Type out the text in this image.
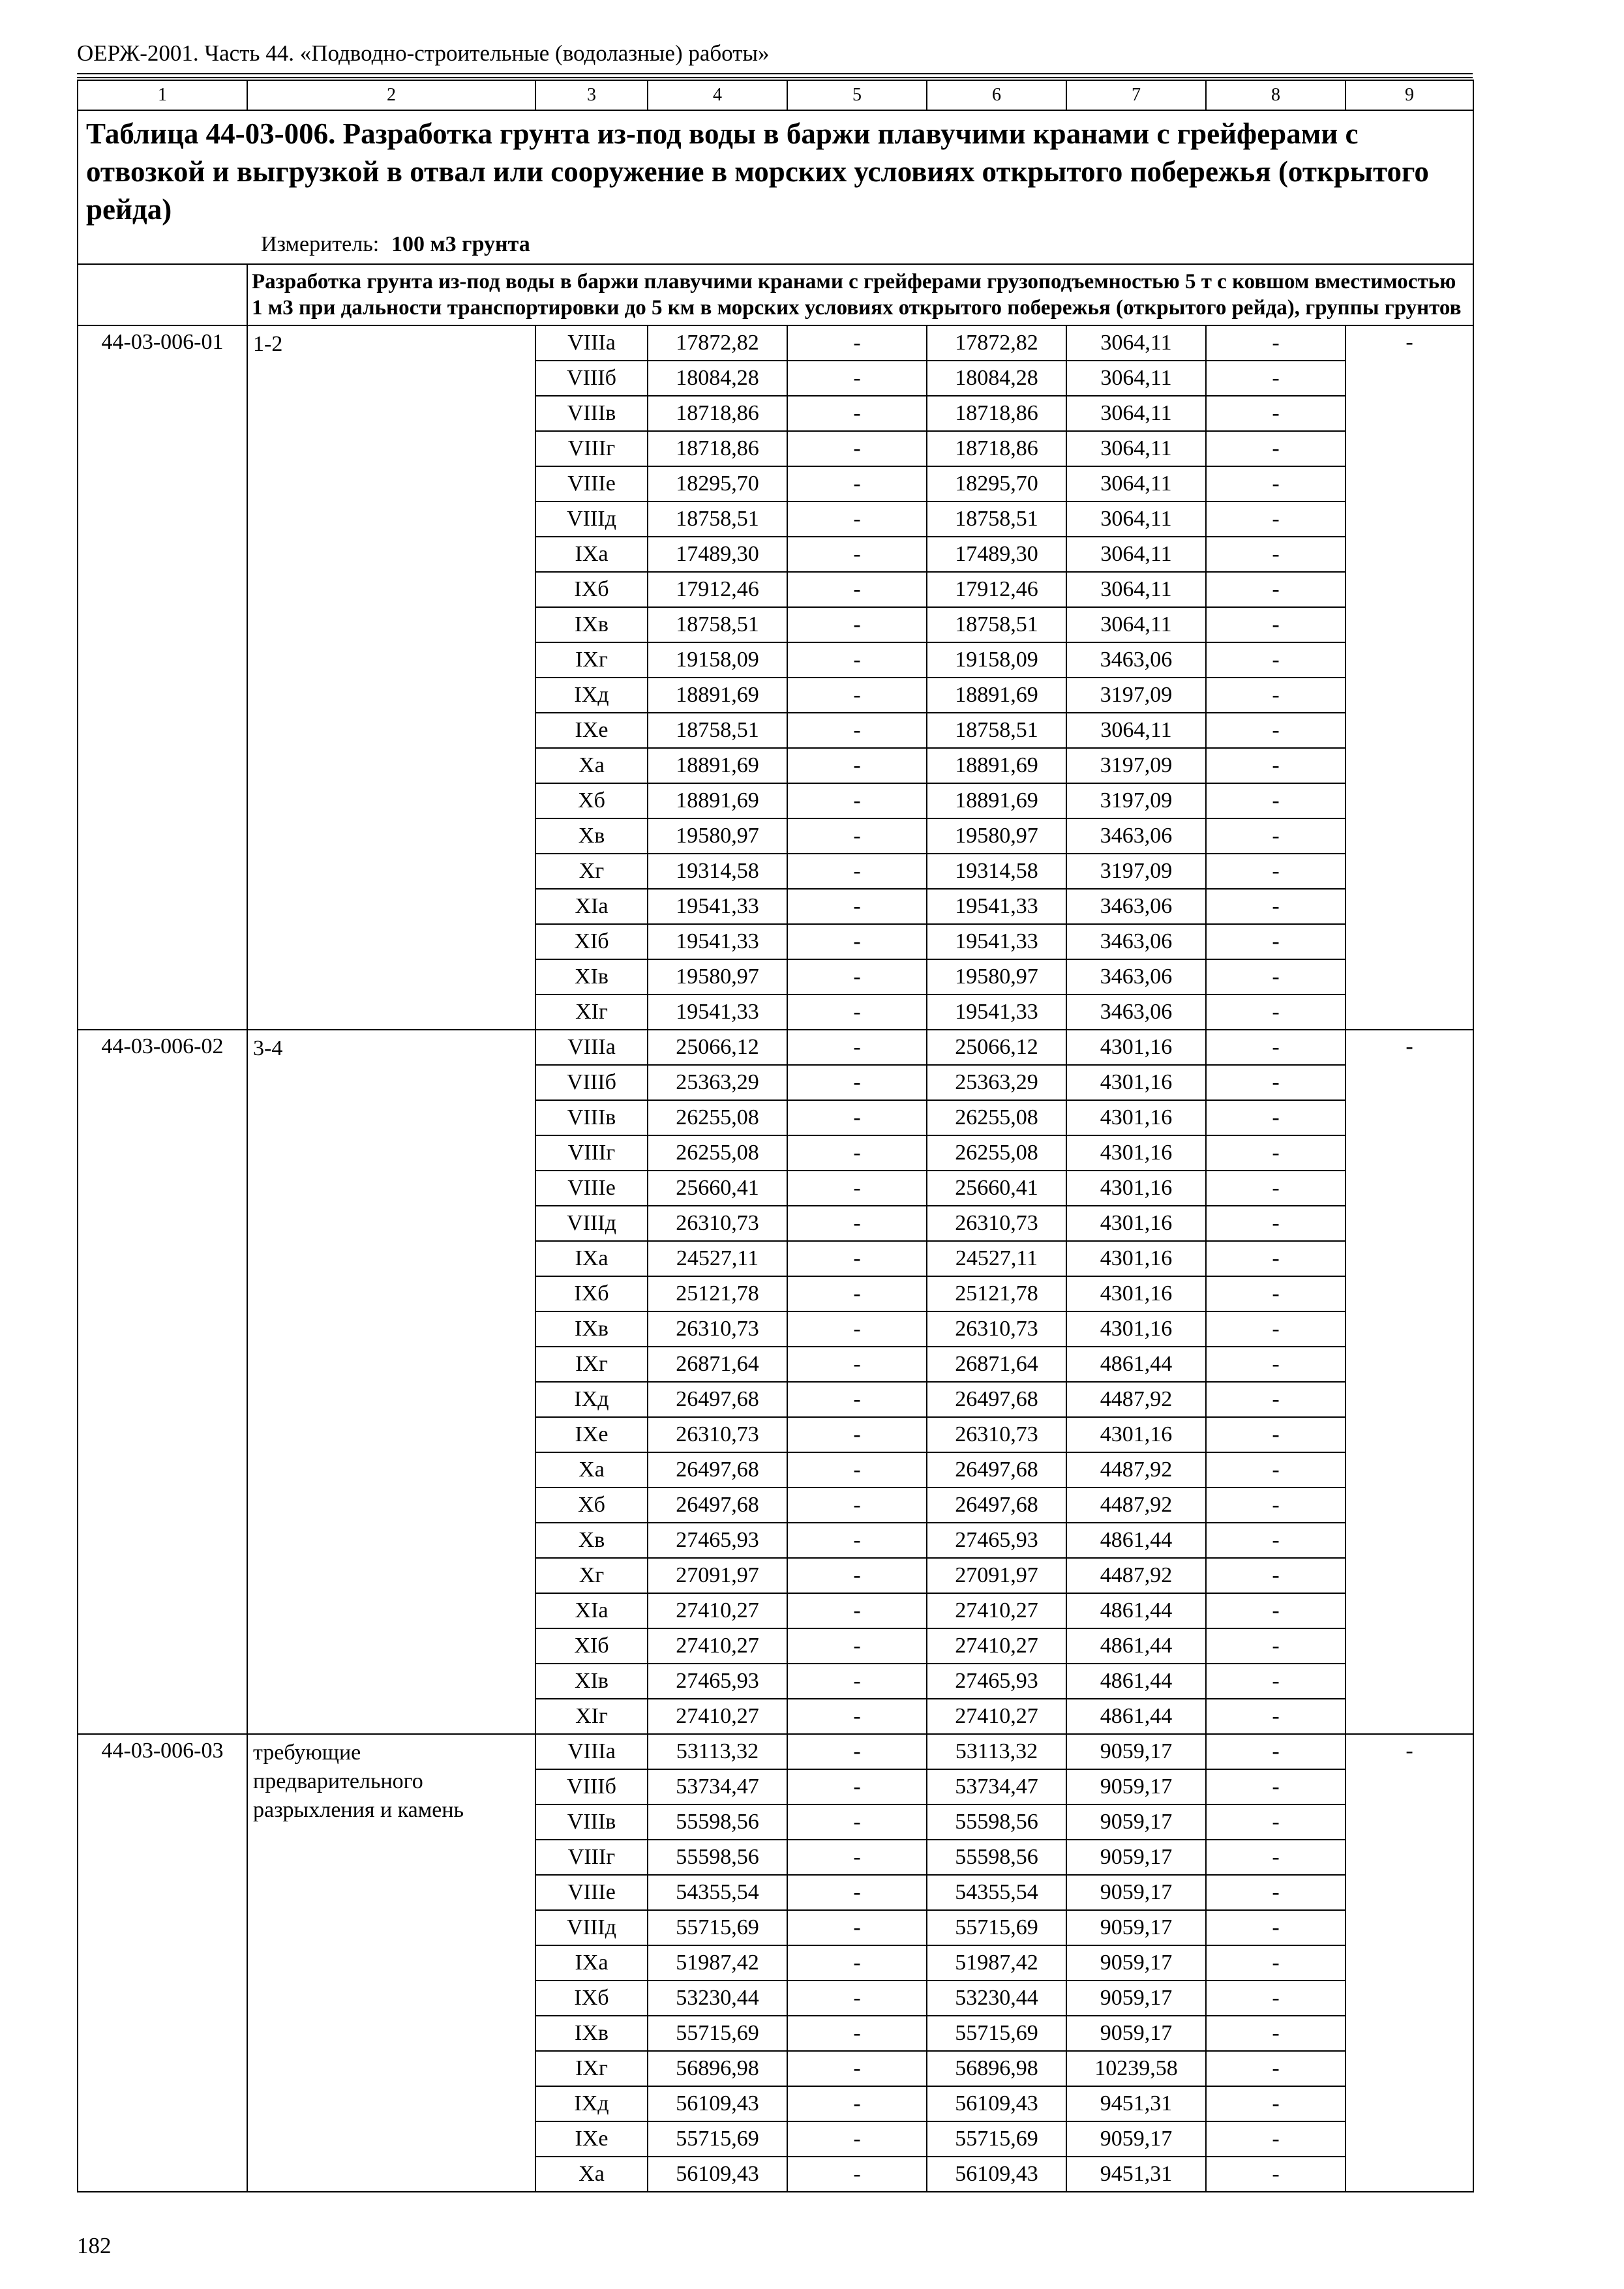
ОЕРЖ-2001. Часть 44. «Подводно-строительные (водолазные) работы»
1	2	3	4	5	6	7	8	9

Таблица 44-03-006. Разработка грунта из-под воды в баржи плавучими кранами с грейферами с отвозкой и выгрузкой в отвал или сооружение в морских условиях открытого побережья (открытого рейда)
Измеритель: 100 м3 грунта								

	Разработка грунта из-под воды в баржи плавучими кранами с грейферами грузоподъемностью 5 т с ковшом вместимостью 1 м3 при дальности транспортировки до 5 км в морских условиях открытого побережья (открытого рейда), группы грунтов							
44-03-006-01	1-2	VIIIа	17872,82	-	17872,82	3064,11	-	-
		VIIIб	18084,28	-	18084,28	3064,11	-	
		VIIIв	18718,86	-	18718,86	3064,11	-	
		VIIIг	18718,86	-	18718,86	3064,11	-	
		VIIIе	18295,70	-	18295,70	3064,11	-	
		VIIIд	18758,51	-	18758,51	3064,11	-	
		IXа	17489,30	-	17489,30	3064,11	-	
		IXб	17912,46	-	17912,46	3064,11	-	
		IXв	18758,51	-	18758,51	3064,11	-	
		IXг	19158,09	-	19158,09	3463,06	-	
		IXд	18891,69	-	18891,69	3197,09	-	
		IXе	18758,51	-	18758,51	3064,11	-	
		Xа	18891,69	-	18891,69	3197,09	-	
		Xб	18891,69	-	18891,69	3197,09	-	
		Xв	19580,97	-	19580,97	3463,06	-	
		Xг	19314,58	-	19314,58	3197,09	-	
		XIа	19541,33	-	19541,33	3463,06	-	
		XIб	19541,33	-	19541,33	3463,06	-	
		XIв	19580,97	-	19580,97	3463,06	-	
		XIг	19541,33	-	19541,33	3463,06	-	
44-03-006-02	3-4	VIIIа	25066,12	-	25066,12	4301,16	-	-
		VIIIб	25363,29	-	25363,29	4301,16	-	
		VIIIв	26255,08	-	26255,08	4301,16	-	
		VIIIг	26255,08	-	26255,08	4301,16	-	
		VIIIе	25660,41	-	25660,41	4301,16	-	
		VIIIд	26310,73	-	26310,73	4301,16	-	
		IXа	24527,11	-	24527,11	4301,16	-	
		IXб	25121,78	-	25121,78	4301,16	-	
		IXв	26310,73	-	26310,73	4301,16	-	
		IXг	26871,64	-	26871,64	4861,44	-	
		IXд	26497,68	-	26497,68	4487,92	-	
		IXе	26310,73	-	26310,73	4301,16	-	
		Xа	26497,68	-	26497,68	4487,92	-	
		Xб	26497,68	-	26497,68	4487,92	-	
		Xв	27465,93	-	27465,93	4861,44	-	
		Xг	27091,97	-	27091,97	4487,92	-	
		XIа	27410,27	-	27410,27	4861,44	-	
		XIб	27410,27	-	27410,27	4861,44	-	
		XIв	27465,93	-	27465,93	4861,44	-	
		XIг	27410,27	-	27410,27	4861,44	-	
44-03-006-03	требующие предварительного разрыхления и камень	VIIIа	53113,32	-	53113,32	9059,17	-	-
		VIIIб	53734,47	-	53734,47	9059,17	-	
		VIIIв	55598,56	-	55598,56	9059,17	-	
		VIIIг	55598,56	-	55598,56	9059,17	-	
		VIIIе	54355,54	-	54355,54	9059,17	-	
		VIIIд	55715,69	-	55715,69	9059,17	-	
		IXа	51987,42	-	51987,42	9059,17	-	
		IXб	53230,44	-	53230,44	9059,17	-	
		IXв	55715,69	-	55715,69	9059,17	-	
		IXг	56896,98	-	56896,98	10239,58	-	
		IXд	56109,43	-	56109,43	9451,31	-	
		IXе	55715,69	-	55715,69	9059,17	-	
		Xа	56109,43	-	56109,43	9451,31	-	
182
